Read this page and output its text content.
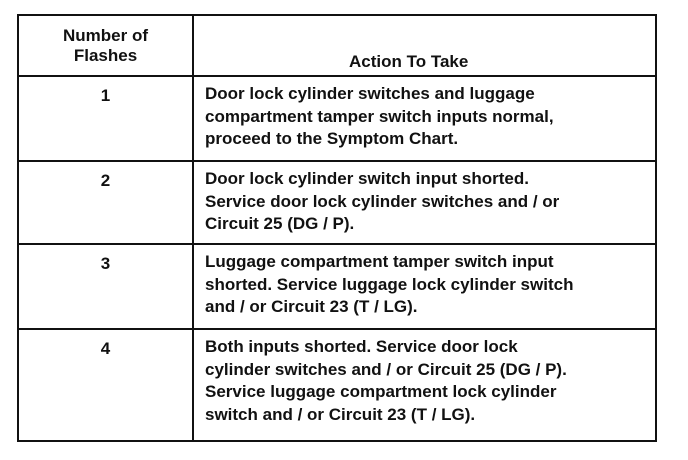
Number of
Flashes	Action To Take
1	Door lock cylinder switches and luggage
compartment tamper switch inputs normal,
proceed to the Symptom Chart.
2	Door lock cylinder switch input shorted.
Service door lock cylinder switches and / or
Circuit 25 (DG / P).
3	Luggage compartment tamper switch input
shorted. Service luggage lock cylinder switch
and / or Circuit 23 (T / LG).
4	Both inputs shorted. Service door lock
cylinder switches and / or Circuit 25 (DG / P).
Service luggage compartment lock cylinder
switch and / or Circuit 23 (T / LG).
